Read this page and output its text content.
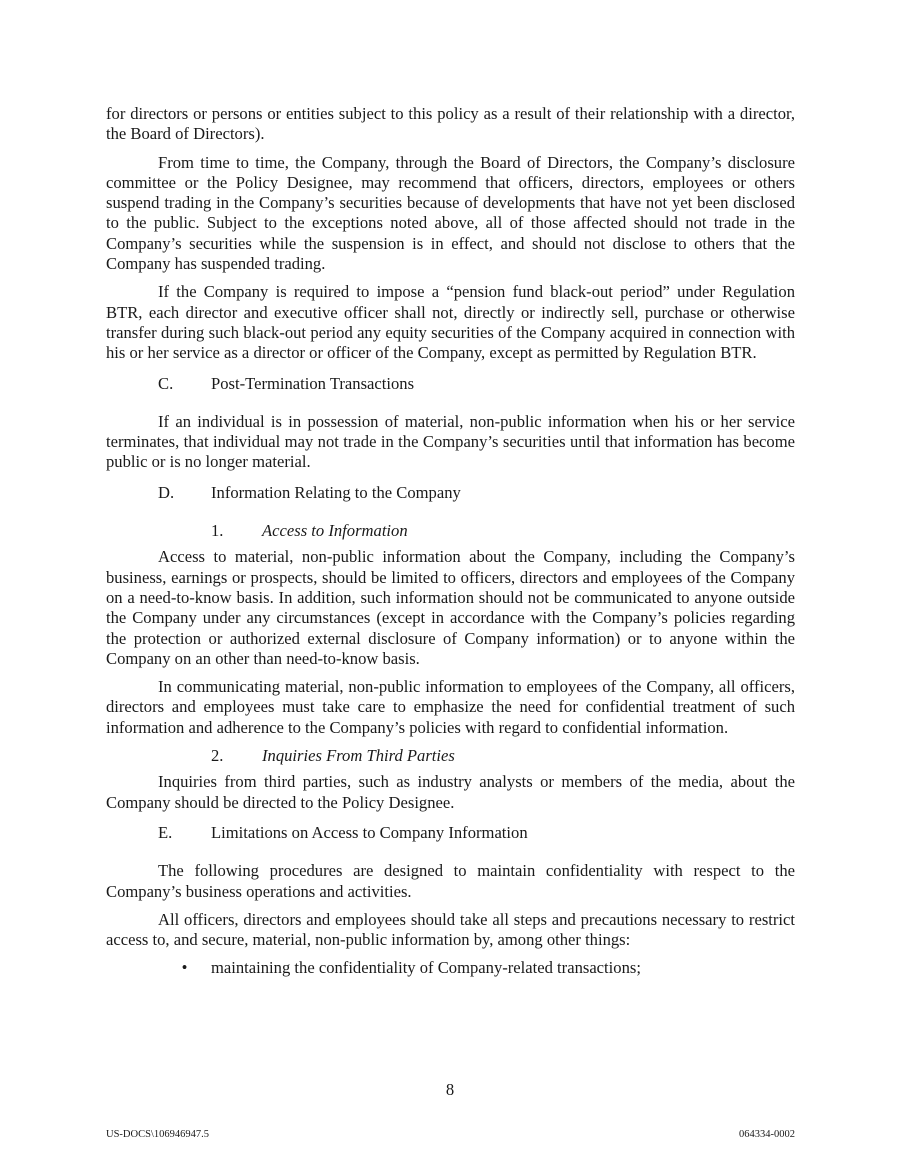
for directors or persons or entities subject to this policy as a result of their relationship with a director, the Board of Directors).

From time to time, the Company, through the Board of Directors, the Company’s disclosure committee or the Policy Designee, may recommend that officers, directors, employees or others suspend trading in the Company’s securities because of developments that have not yet been disclosed to the public. Subject to the exceptions noted above, all of those affected should not trade in the Company’s securities while the suspension is in effect, and should not disclose to others that the Company has suspended trading.

If the Company is required to impose a “pension fund black-out period” under Regulation BTR, each director and executive officer shall not, directly or indirectly sell, purchase or otherwise transfer during such black-out period any equity securities of the Company acquired in connection with his or her service as a director or officer of the Company, except as permitted by Regulation BTR.

C. Post-Termination Transactions

If an individual is in possession of material, non-public information when his or her service terminates, that individual may not trade in the Company’s securities until that information has become public or is no longer material.

D. Information Relating to the Company
1. Access to Information

Access to material, non-public information about the Company, including the Company’s business, earnings or prospects, should be limited to officers, directors and employees of the Company on a need-to-know basis. In addition, such information should not be communicated to anyone outside the Company under any circumstances (except in accordance with the Company’s policies regarding the protection or authorized external disclosure of Company information) or to anyone within the Company on an other than need-to-know basis.

In communicating material, non-public information to employees of the Company, all officers, directors and employees must take care to emphasize the need for confidential treatment of such information and adherence to the Company’s policies with regard to confidential information.

2. Inquiries From Third Parties

Inquiries from third parties, such as industry analysts or members of the media, about the Company should be directed to the Policy Designee.

E. Limitations on Access to Company Information

The following procedures are designed to maintain confidentiality with respect to the Company’s business operations and activities.

All officers, directors and employees should take all steps and precautions necessary to restrict access to, and secure, material, non-public information by, among other things:

•	maintaining the confidentiality of Company-related transactions;
8
US-DOCS\106946947.5	064334-0002
